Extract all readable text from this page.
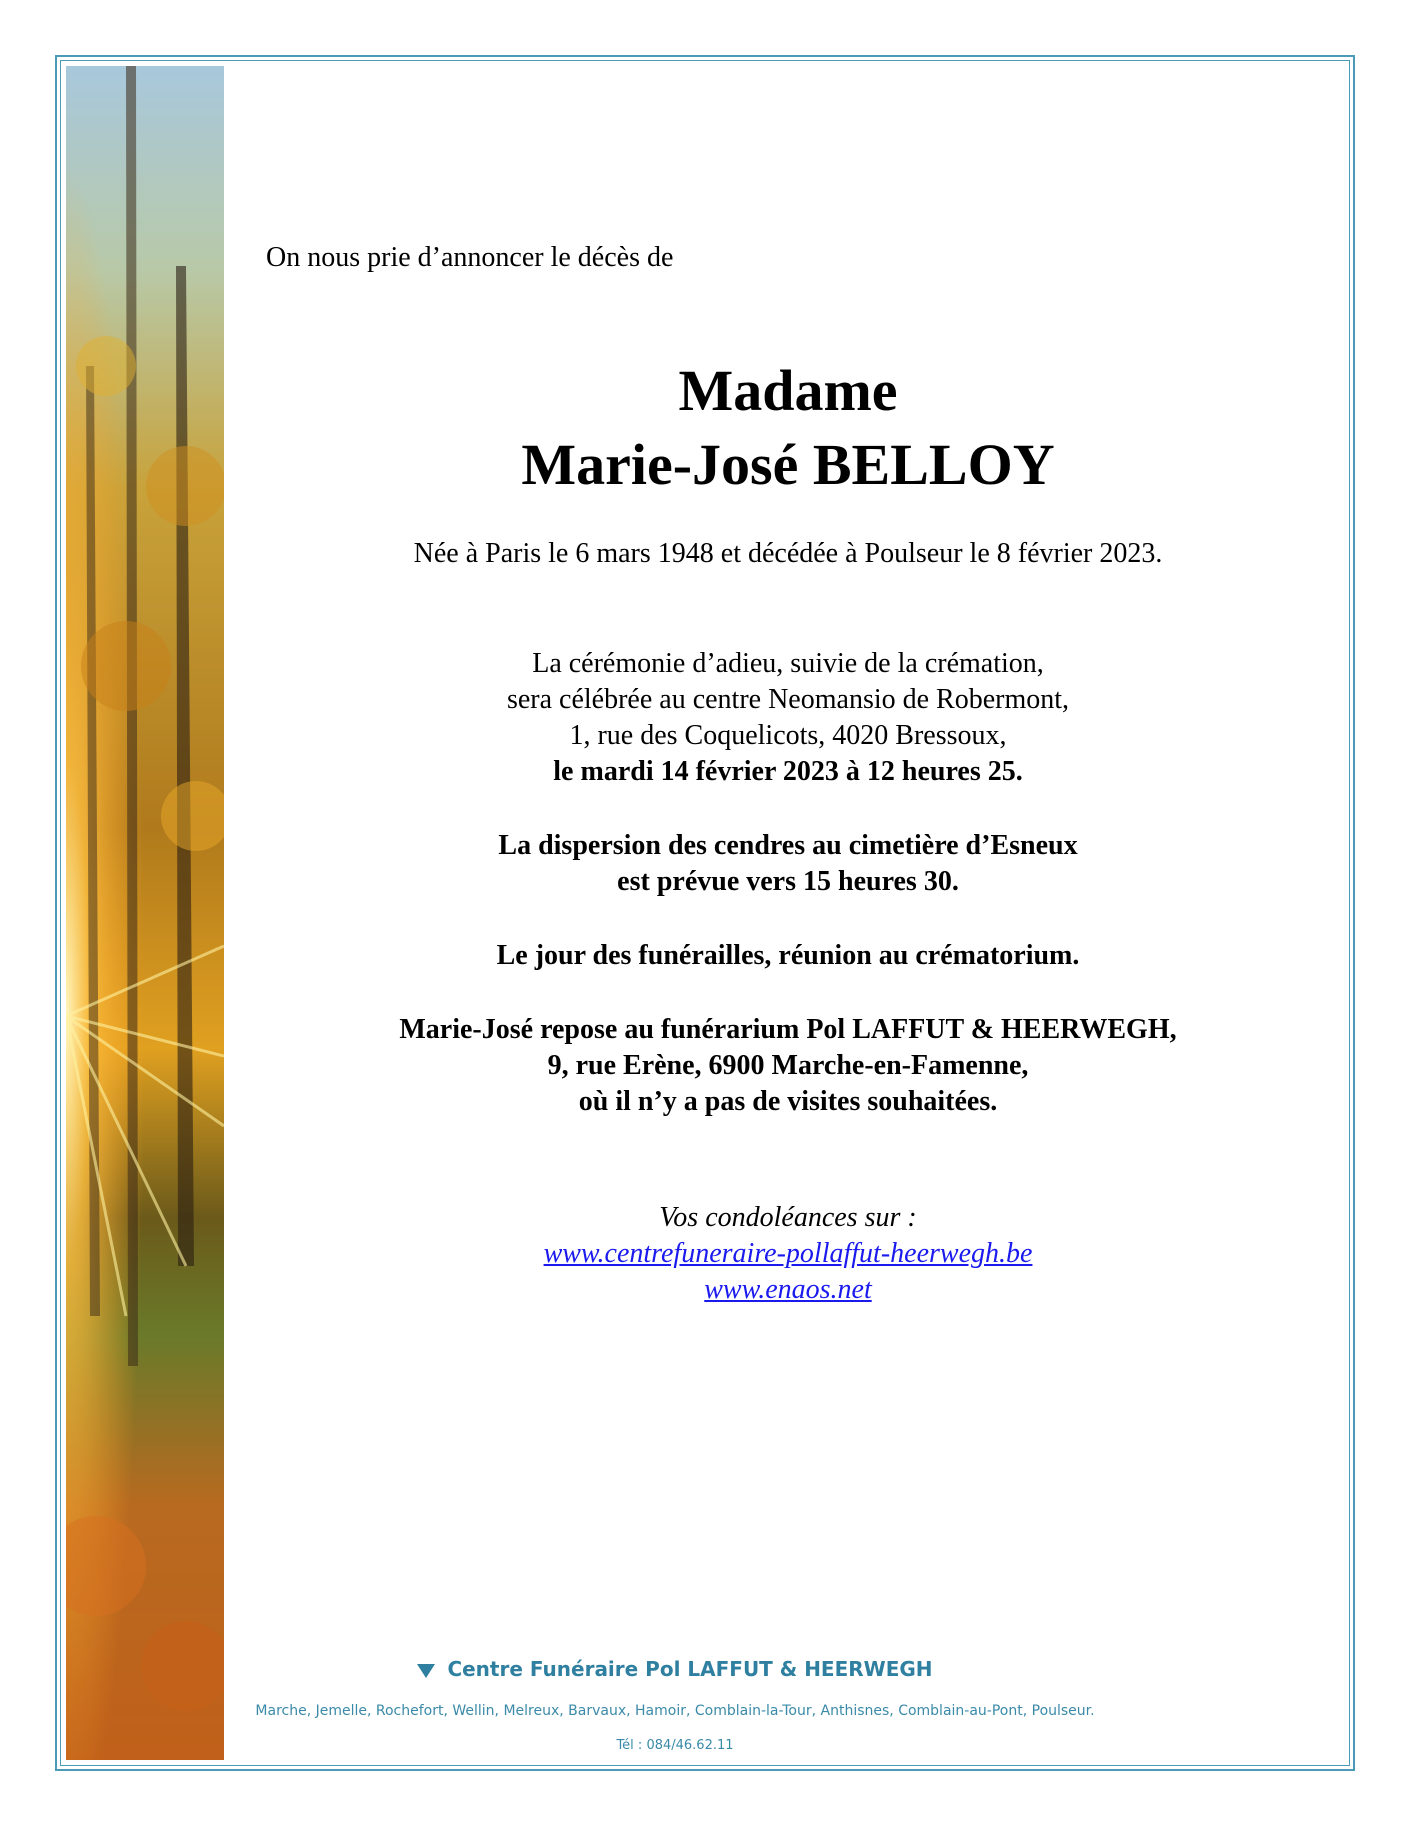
On nous prie d’annoncer le décès de
Madame
Marie-José BELLOY
Née à Paris le 6 mars 1948 et décédée à Poulseur le 8 février 2023.
La cérémonie d’adieu, suivie de la crémation,
sera célébrée au centre Neomansio de Robermont,
1, rue des Coquelicots, 4020 Bressoux,
le mardi 14 février 2023 à 12 heures 25.
La dispersion des cendres au cimetière d’Esneux
est prévue vers 15 heures 30.
Le jour des funérailles, réunion au crématorium.
Marie-José repose au funérarium Pol LAFFUT & HEERWEGH,
9, rue Erène, 6900 Marche-en-Famenne,
où il n’y a pas de visites souhaitées.
Vos condoléances sur :
www.centrefuneraire-pollaffut-heerwegh.be
www.enaos.net
Centre Funéraire Pol LAFFUT & HEERWEGH
Marche, Jemelle, Rochefort, Wellin, Melreux, Barvaux, Hamoir, Comblain-la-Tour, Anthisnes, Comblain-au-Pont, Poulseur.
Tél : 084/46.62.11
